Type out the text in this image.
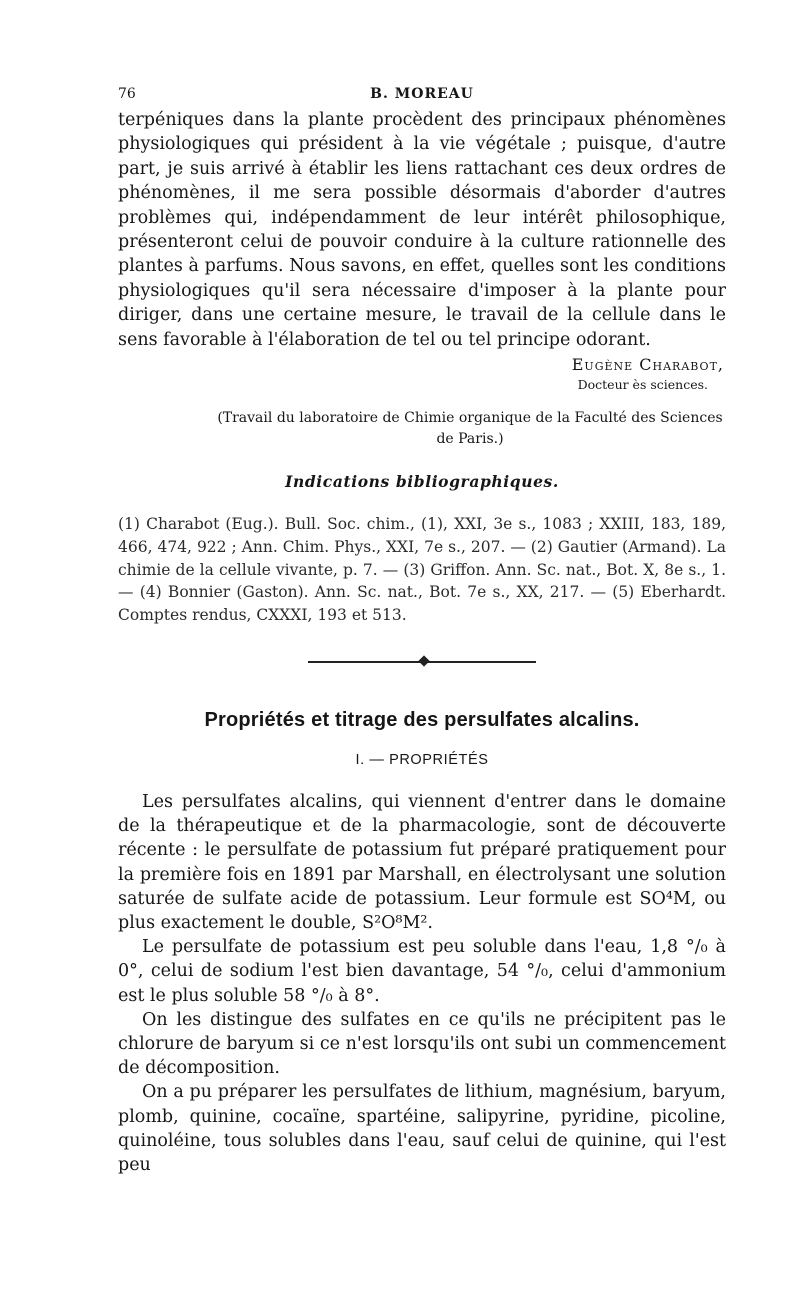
76	B. MOREAU

terpéniques dans la plante procèdent des principaux phénomènes physiologiques qui président à la vie végétale ; puisque, d'autre part, je suis arrivé à établir les liens rattachant ces deux ordres de phénomènes, il me sera possible désormais d'aborder d'autres problèmes qui, indépendamment de leur intérêt philosophique, présenteront celui de pouvoir conduire à la culture rationnelle des plantes à parfums. Nous savons, en effet, quelles sont les conditions physiologiques qu'il sera nécessaire d'imposer à la plante pour diriger, dans une certaine mesure, le travail de la cellule dans le sens favorable à l'élaboration de tel ou tel principe odorant.

Eugène Charabot,
Docteur ès sciences.
(Travail du laboratoire de Chimie organique de la Faculté des Sciences de Paris.)
Indications bibliographiques.

(1) Charabot (Eug.). Bull. Soc. chim., (1), XXI, 3e s., 1083 ; XXIII, 183, 189, 466, 474, 922 ; Ann. Chim. Phys., XXI, 7e s., 207. — (2) Gautier (Armand). La chimie de la cellule vivante, p. 7. — (3) Griffon. Ann. Sc. nat., Bot. X, 8e s., 1. — (4) Bonnier (Gaston). Ann. Sc. nat., Bot. 7e s., XX, 217. — (5) Eberhardt. Comptes rendus, CXXXI, 193 et 513.

Propriétés et titrage des persulfates alcalins.
I. — PROPRIÉTÉS

Les persulfates alcalins, qui viennent d'entrer dans le domaine de la thérapeutique et de la pharmacologie, sont de découverte récente : le persulfate de potassium fut préparé pratiquement pour la première fois en 1891 par Marshall, en électrolysant une solution saturée de sulfate acide de potassium. Leur formule est SO⁴M, ou plus exactement le double, S²O⁸M².

Le persulfate de potassium est peu soluble dans l'eau, 1,8 °/₀ à 0°, celui de sodium l'est bien davantage, 54 °/₀, celui d'ammonium est le plus soluble 58 °/₀ à 8°.

On les distingue des sulfates en ce qu'ils ne précipitent pas le chlorure de baryum si ce n'est lorsqu'ils ont subi un commencement de décomposition.

On a pu préparer les persulfates de lithium, magnésium, baryum, plomb, quinine, cocaïne, spartéine, salipyrine, pyridine, picoline, quinoléine, tous solubles dans l'eau, sauf celui de quinine, qui l'est peu
